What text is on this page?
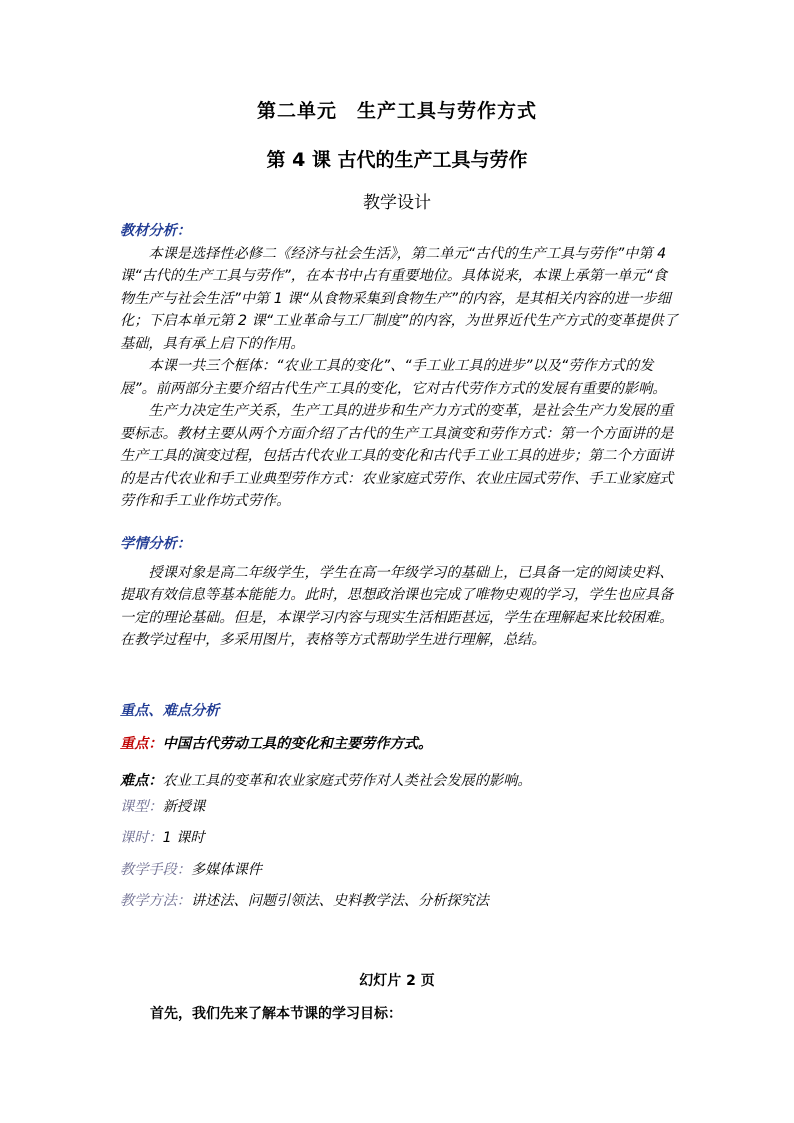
第二单元　生产工具与劳作方式
第 4 课 古代的生产工具与劳作
教学设计
教材分析：

本课是选择性必修二《经济与社会生活》，第二单元“古代的生产工具与劳作”中第 4 课“古代的生产工具与劳作”，在本书中占有重要地位。具体说来，本课上承第一单元“食物生产与社会生活”中第 1 课“从食物采集到食物生产”的内容，是其相关内容的进一步细化；下启本单元第 2 课“工业革命与工厂制度”的内容，为世界近代生产方式的变革提供了基础，具有承上启下的作用。

本课一共三个框体：“农业工具的变化”、“手工业工具的进步”以及“劳作方式的发展”。前两部分主要介绍古代生产工具的变化，它对古代劳作方式的发展有重要的影响。

生产力决定生产关系，生产工具的进步和生产力方式的变革，是社会生产力发展的重要标志。教材主要从两个方面介绍了古代的生产工具演变和劳作方式：第一个方面讲的是生产工具的演变过程，包括古代农业工具的变化和古代手工业工具的进步；第二个方面讲的是古代农业和手工业典型劳作方式：农业家庭式劳作、农业庄园式劳作、手工业家庭式劳作和手工业作坊式劳作。

学情分析：

授课对象是高二年级学生，学生在高一年级学习的基础上，已具备一定的阅读史料、提取有效信息等基本能能力。此时，思想政治课也完成了唯物史观的学习，学生也应具备一定的理论基础。但是，本课学习内容与现实生活相距甚远，学生在理解起来比较困难。在教学过程中，多采用图片，表格等方式帮助学生进行理解，总结。

重点、难点分析
重点：中国古代劳动工具的变化和主要劳作方式。
难点：农业工具的变革和农业家庭式劳作对人类社会发展的影响。
课型：新授课
课时：1 课时
教学手段：多媒体课件
教学方法：讲述法、问题引领法、史料教学法、分析探究法
幻灯片 2 页
首先，我们先来了解本节课的学习目标：
